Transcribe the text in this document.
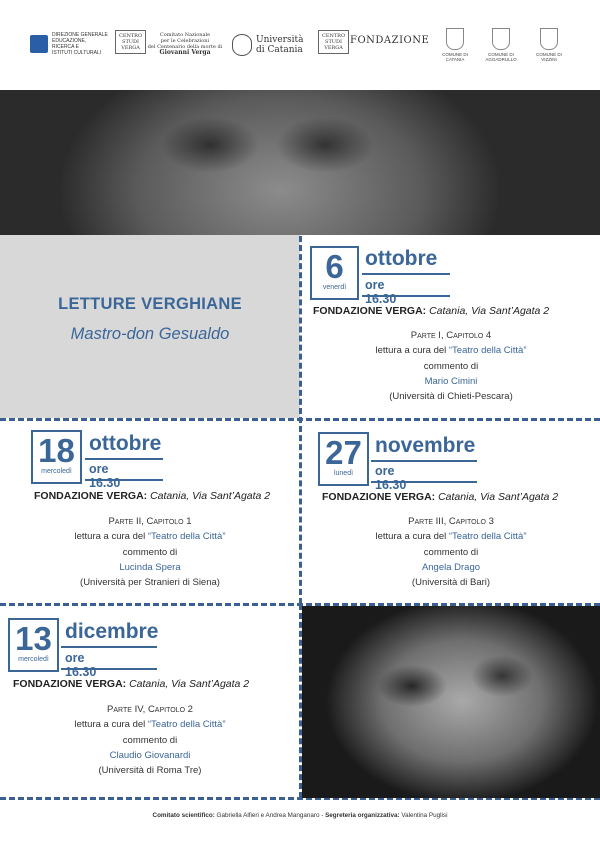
DIREZIONE GENERALE
EDUCAZIONE,
RICERCA E
ISTITUTI CULTURALI
CENTRO
STUDI
VERGA
Comitato Nazionale
per le Celebrazioni
del Centenario della morte di
Giovanni Verga
Università
di Catania
CENTRO
STUDI
VERGA
FONDAZIONE
COMUNE DI
CATANIA
COMUNE DI
AGGADRULLO
COMUNE DI
VIZZINI
LETTURE VERGHIANE
Mastro-don Gesualdo
6
venerdì
ottobre
ore 16.30
FONDAZIONE VERGA: Catania, Via Sant’Agata 2
Parte I, Capitolo 4
lettura a cura del “Teatro della Città”
commento di
Mario Cimini
(Università di Chieti-Pescara)
18
mercoledì
ottobre
ore 16.30
FONDAZIONE VERGA: Catania, Via Sant’Agata 2
Parte II, Capitolo 1
lettura a cura del “Teatro della Città”
commento di
Lucinda Spera
(Università per Stranieri di Siena)
27
lunedì
novembre
ore 16.30
FONDAZIONE VERGA: Catania, Via Sant’Agata 2
Parte III, Capitolo 3
lettura a cura del “Teatro della Città”
commento di
Angela Drago
(Università di Bari)
13
mercoledì
dicembre
ore 16.30
FONDAZIONE VERGA: Catania, Via Sant’Agata 2
Parte IV, Capitolo 2
lettura a cura del “Teatro della Città”
commento di
Claudio Giovanardi
(Università di Roma Tre)
Comitato scientifico: Gabriella Alfieri e Andrea Manganaro - Segreteria organizzativa: Valentina Puglisi
